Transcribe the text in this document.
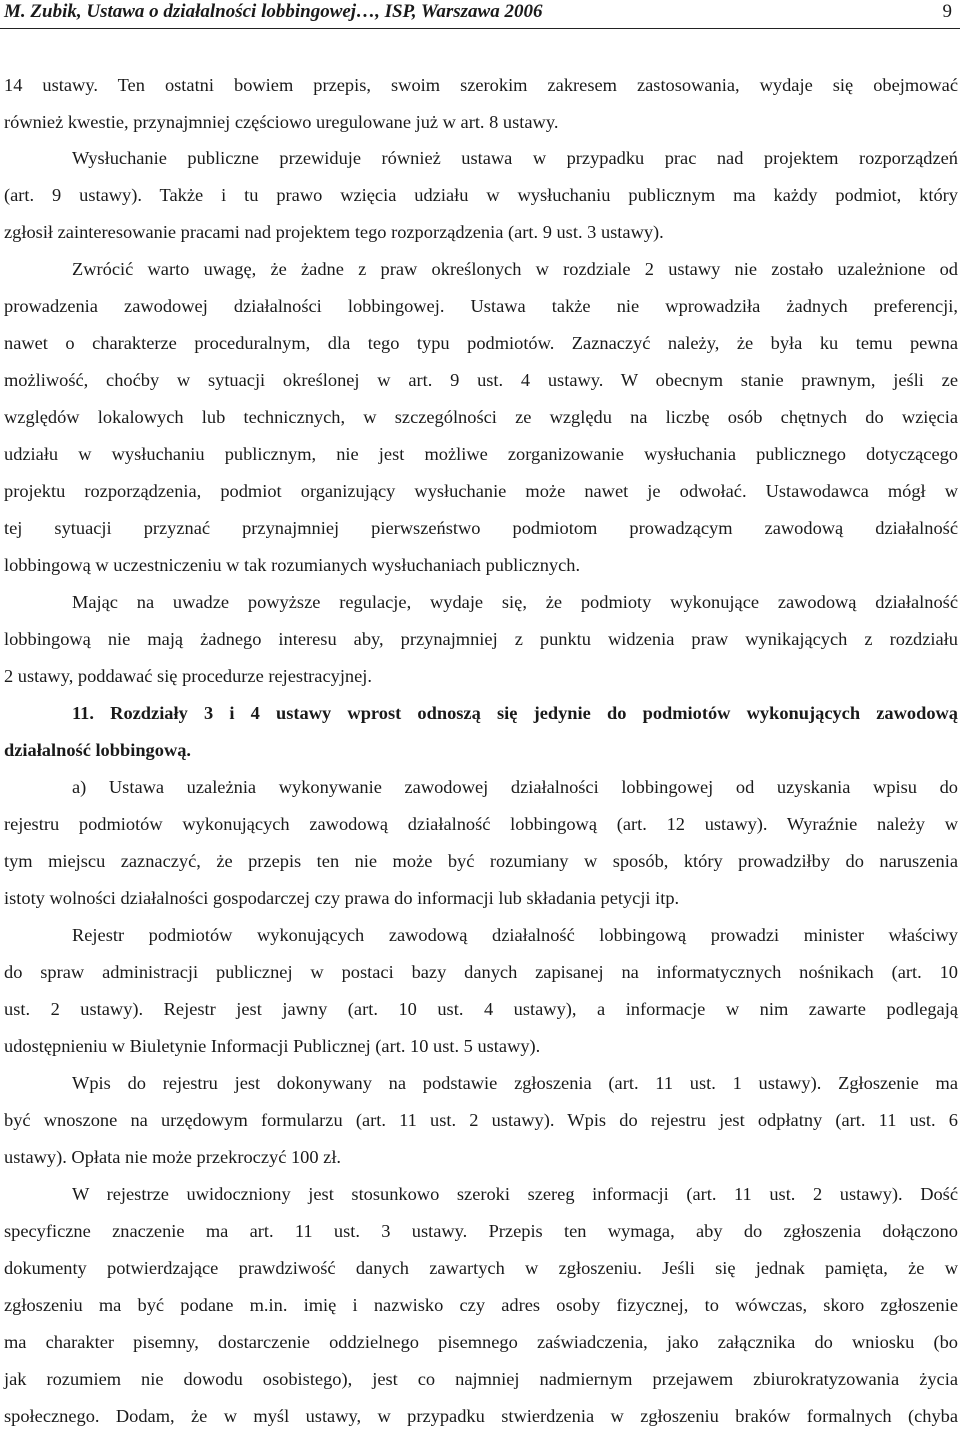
M. Zubik, Ustawa o działalności lobbingowej…, ISP, Warszawa 2006	9
14 ustawy. Ten ostatni bowiem przepis, swoim szerokim zakresem zastosowania, wydaje się obejmować
również kwestie, przynajmniej częściowo uregulowane już w art. 8 ustawy.
Wysłuchanie publiczne przewiduje również ustawa w przypadku prac nad projektem rozporządzeń
(art. 9 ustawy). Także i tu prawo wzięcia udziału w wysłuchaniu publicznym ma każdy podmiot, który
zgłosił zainteresowanie pracami nad projektem tego rozporządzenia (art. 9 ust. 3 ustawy).
Zwrócić warto uwagę, że żadne z praw określonych w rozdziale 2 ustawy nie zostało uzależnione od
prowadzenia zawodowej działalności lobbingowej. Ustawa także nie wprowadziła żadnych preferencji,
nawet o charakterze proceduralnym, dla tego typu podmiotów. Zaznaczyć należy, że była ku temu pewna
możliwość, choćby w sytuacji określonej w art. 9 ust. 4 ustawy. W obecnym stanie prawnym, jeśli ze
względów lokalowych lub technicznych, w szczególności ze względu na liczbę osób chętnych do wzięcia
udziału w wysłuchaniu publicznym, nie jest możliwe zorganizowanie wysłuchania publicznego dotyczącego
projektu rozporządzenia, podmiot organizujący wysłuchanie może nawet je odwołać. Ustawodawca mógł w
tej sytuacji przyznać przynajmniej pierwszeństwo podmiotom prowadzącym zawodową działalność
lobbingową w uczestniczeniu w tak rozumianych wysłuchaniach publicznych.
Mając na uwadze powyższe regulacje, wydaje się, że podmioty wykonujące zawodową działalność
lobbingową nie mają żadnego interesu aby, przynajmniej z punktu widzenia praw wynikających z rozdziału
2 ustawy, poddawać się procedurze rejestracyjnej.
11. Rozdziały 3 i 4 ustawy wprost odnoszą się jedynie do podmiotów wykonujących zawodową
działalność lobbingową.
a) Ustawa uzależnia wykonywanie zawodowej działalności lobbingowej od uzyskania wpisu do
rejestru podmiotów wykonujących zawodową działalność lobbingową (art. 12 ustawy). Wyraźnie należy w
tym miejscu zaznaczyć, że przepis ten nie może być rozumiany w sposób, który prowadziłby do naruszenia
istoty wolności działalności gospodarczej czy prawa do informacji lub składania petycji itp.
Rejestr podmiotów wykonujących zawodową działalność lobbingową prowadzi minister właściwy
do spraw administracji publicznej w postaci bazy danych zapisanej na informatycznych nośnikach (art. 10
ust. 2 ustawy). Rejestr jest jawny (art. 10 ust. 4 ustawy), a informacje w nim zawarte podlegają
udostępnieniu w Biuletynie Informacji Publicznej (art. 10 ust. 5 ustawy).
Wpis do rejestru jest dokonywany na podstawie zgłoszenia (art. 11 ust. 1 ustawy). Zgłoszenie ma
być wnoszone na urzędowym formularzu (art. 11 ust. 2 ustawy). Wpis do rejestru jest odpłatny (art. 11 ust. 6
ustawy). Opłata nie może przekroczyć 100 zł.
W rejestrze uwidoczniony jest stosunkowo szeroki szereg informacji (art. 11 ust. 2 ustawy). Dość
specyficzne znaczenie ma art. 11 ust. 3 ustawy. Przepis ten wymaga, aby do zgłoszenia dołączono
dokumenty potwierdzające prawdziwość danych zawartych w zgłoszeniu. Jeśli się jednak pamięta, że w
zgłoszeniu ma być podane m.in. imię i nazwisko czy adres osoby fizycznej, to wówczas, skoro zgłoszenie
ma charakter pisemny, dostarczenie oddzielnego pisemnego zaświadczenia, jako załącznika do wniosku (bo
jak rozumiem nie dowodu osobistego), jest co najmniej nadmiernym przejawem zbiurokratyzowania życia
społecznego. Dodam, że w myśl ustawy, w przypadku stwierdzenia w zgłoszeniu braków formalnych (chyba
